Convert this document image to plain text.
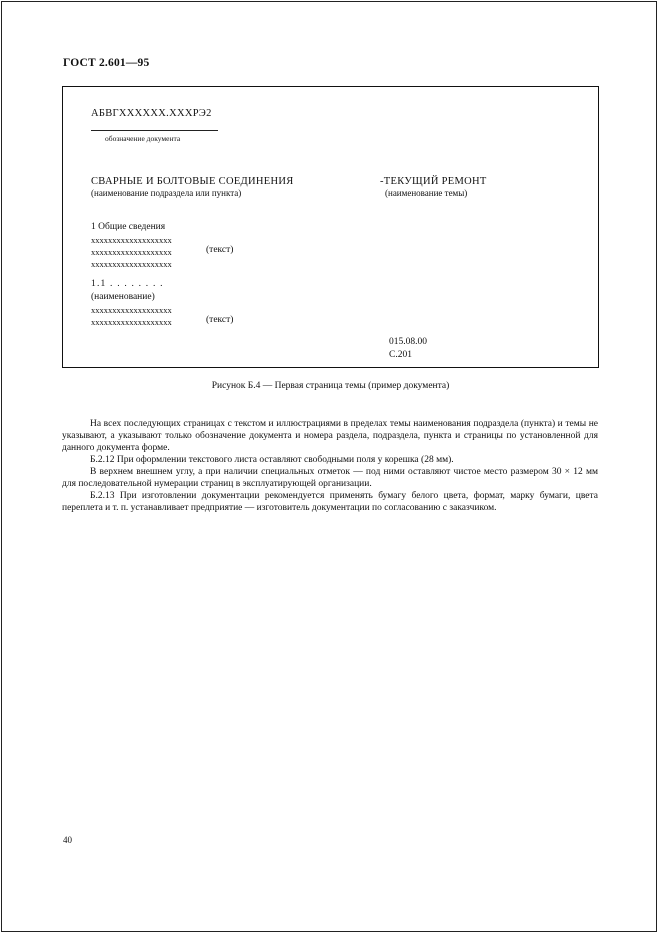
ГОСТ 2.601—95
АБВГXXXXXX.XXXРЭ2
обозначение документа
СВАРНЫЕ И БОЛТОВЫЕ СОЕДИНЕНИЯ
(наименование подраздела или пункта)
-ТЕКУЩИЙ РЕМОНТ
(наименование темы)
1 Общие сведения
xxxxxxxxxxxxxxxxxxx
xxxxxxxxxxxxxxxxxxx
xxxxxxxxxxxxxxxxxxx
(текст)
1.1 . . . . . . . .
(наименование)
xxxxxxxxxxxxxxxxxxx
xxxxxxxxxxxxxxxxxxx	(текст)
015.08.00
С.201
Рисунок Б.4 — Первая страница темы (пример документа)

На всех последующих страницах с текстом и иллюстрациями в пределах темы наименования подраздела (пункта) и темы не указывают, а указывают только обозначение документа и номера раздела, подраздела, пункта и страницы по установленной для данного документа форме.

Б.2.12 При оформлении текстового листа оставляют свободными поля у корешка (28 мм).

В верхнем внешнем углу, а при наличии специальных отметок — под ними оставляют чистое место размером 30 × 12 мм для последовательной нумерации страниц в эксплуатирующей организации.

Б.2.13 При изготовлении документации рекомендуется применять бумагу белого цвета, формат, марку бумаги, цвета переплета и т. п. устанавливает предприятие — изготовитель документации по согласованию с заказчиком.

40
